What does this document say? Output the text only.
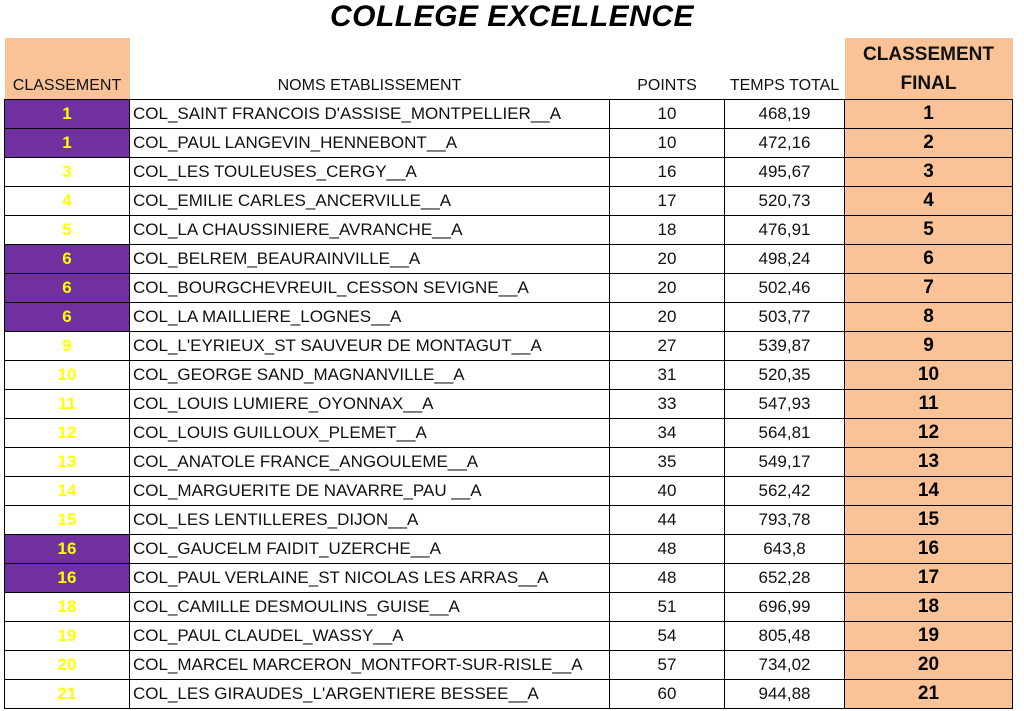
COLLEGE EXCELLENCE
CLASSEMENT	NOMS ETABLISSEMENT	POINTS	TEMPS TOTAL	CLASSEMENT
FINAL

1	COL_SAINT FRANCOIS D'ASSISE_MONTPELLIER__A	10	468,19	1
1	COL_PAUL LANGEVIN_HENNEBONT__A	10	472,16	2
3	COL_LES TOULEUSES_CERGY__A	16	495,67	3
4	COL_EMILIE CARLES_ANCERVILLE__A	17	520,73	4
5	COL_LA CHAUSSINIERE_AVRANCHE__A	18	476,91	5
6	COL_BELREM_BEAURAINVILLE__A	20	498,24	6
6	COL_BOURGCHEVREUIL_CESSON SEVIGNE__A	20	502,46	7
6	COL_LA MAILLIERE_LOGNES__A	20	503,77	8
9	COL_L'EYRIEUX_ST SAUVEUR DE MONTAGUT__A	27	539,87	9
10	COL_GEORGE SAND_MAGNANVILLE__A	31	520,35	10
11	COL_LOUIS LUMIERE_OYONNAX__A	33	547,93	11
12	COL_LOUIS GUILLOUX_PLEMET__A	34	564,81	12
13	COL_ANATOLE FRANCE_ANGOULEME__A	35	549,17	13
14	COL_MARGUERITE DE NAVARRE_PAU __A	40	562,42	14
15	COL_LES LENTILLERES_DIJON__A	44	793,78	15
16	COL_GAUCELM FAIDIT_UZERCHE__A	48	643,8	16
16	COL_PAUL VERLAINE_ST NICOLAS LES ARRAS__A	48	652,28	17
18	COL_CAMILLE DESMOULINS_GUISE__A	51	696,99	18
19	COL_PAUL CLAUDEL_WASSY__A	54	805,48	19
20	COL_MARCEL MARCERON_MONTFORT-SUR-RISLE__A	57	734,02	20
21	COL_LES GIRAUDES_L'ARGENTIERE BESSEE__A	60	944,88	21
